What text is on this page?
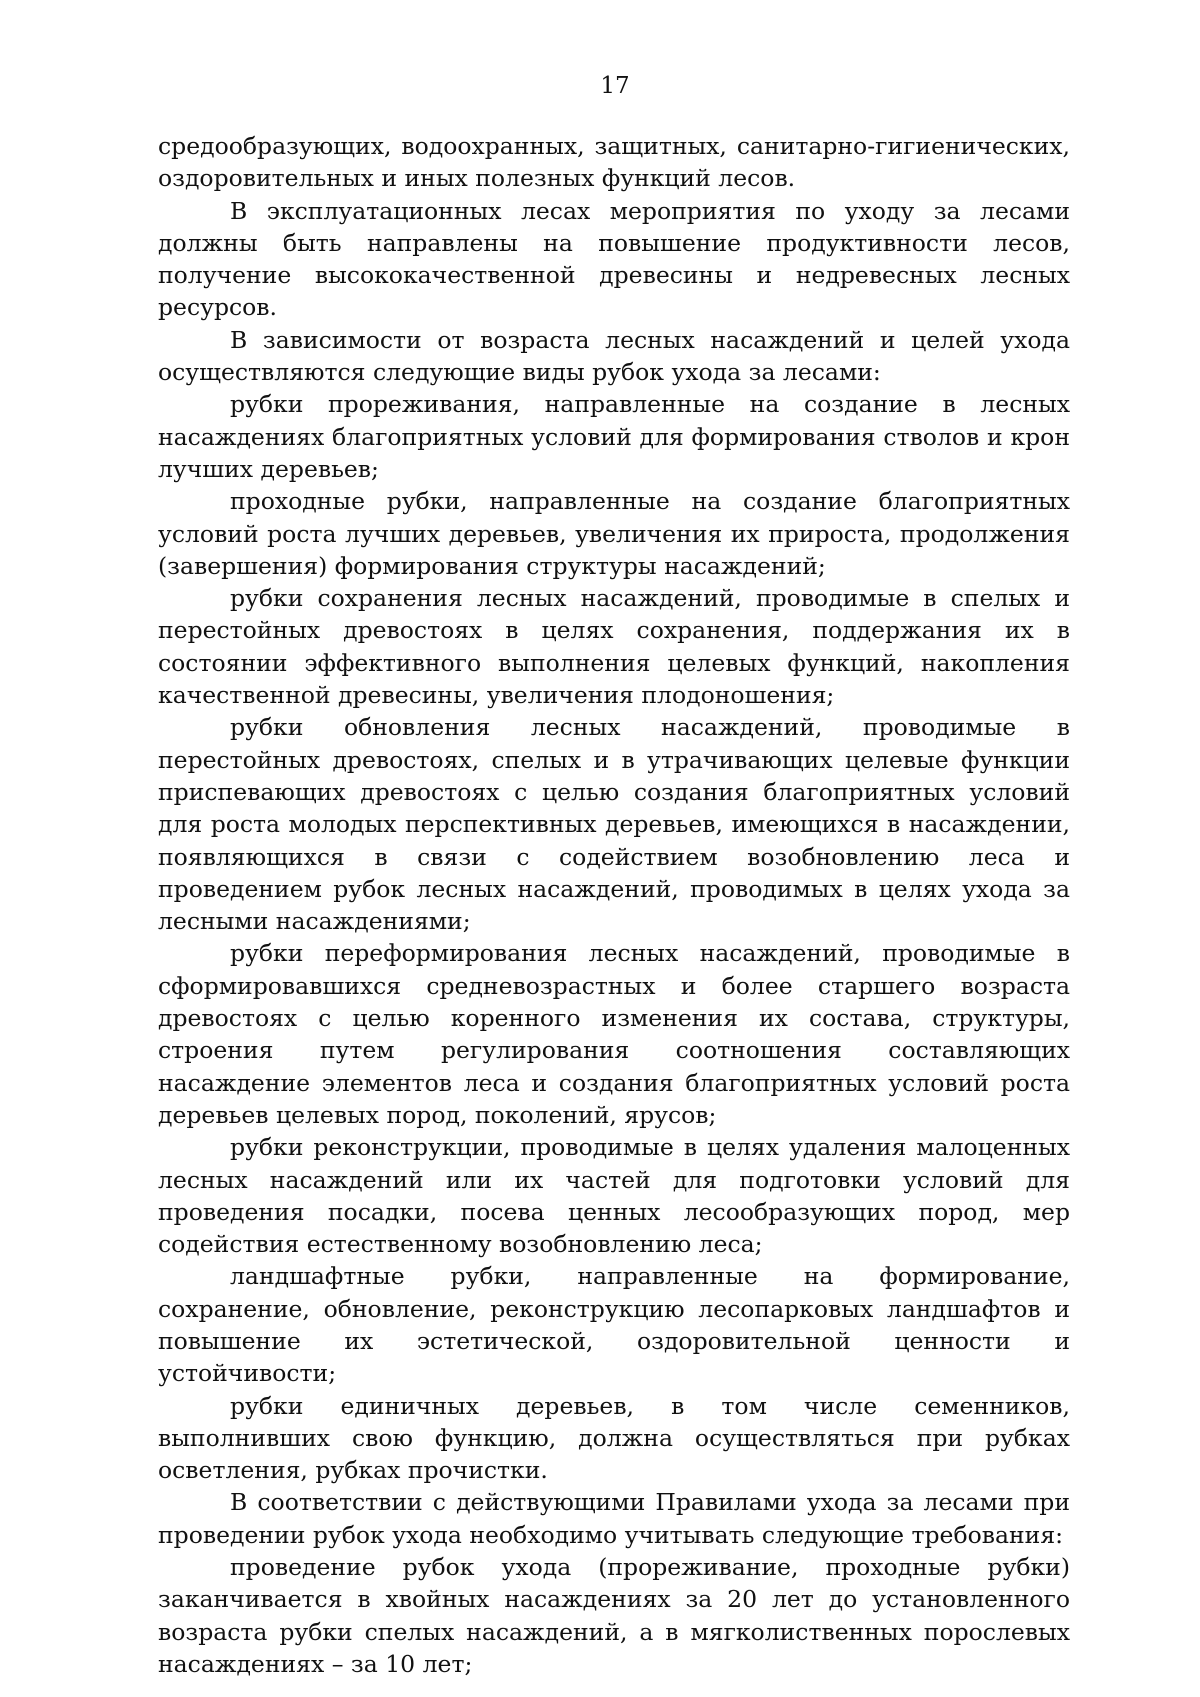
17

средообразующих, водоохранных, защитных, санитарно-гигиенических, оздоровительных и иных полезных функций лесов.

В эксплуатационных лесах мероприятия по уходу за лесами должны быть направлены на повышение продуктивности лесов, получение высококачественной древесины и недревесных лесных ресурсов.

В зависимости от возраста лесных насаждений и целей ухода осуществляются следующие виды рубок ухода за лесами:

рубки прореживания, направленные на создание в лесных насаждениях благоприятных условий для формирования стволов и крон лучших деревьев;

проходные рубки, направленные на создание благоприятных условий роста лучших деревьев, увеличения их прироста, продолжения (завершения) формирования структуры насаждений;

рубки сохранения лесных насаждений, проводимые в спелых и перестойных древостоях в целях сохранения, поддержания их в состоянии эффективного выполнения целевых функций, накопления качественной древесины, увеличения плодоношения;

рубки обновления лесных насаждений, проводимые в перестойных древостоях, спелых и в утрачивающих целевые функции приспевающих древостоях с целью создания благоприятных условий для роста молодых перспективных деревьев, имеющихся в насаждении, появляющихся в связи с содействием возобновлению леса и проведением рубок лесных насаждений, проводимых в целях ухода за лесными насаждениями;

рубки переформирования лесных насаждений, проводимые в сформировавшихся средневозрастных и более старшего возраста древостоях с целью коренного изменения их состава, структуры, строения путем регулирования соотношения составляющих насаждение элементов леса и создания благоприятных условий роста деревьев целевых пород, поколений, ярусов;

рубки реконструкции, проводимые в целях удаления малоценных лесных насаждений или их частей для подготовки условий для проведения посадки, посева ценных лесообразующих пород, мер содействия естественному возобновлению леса;

ландшафтные рубки, направленные на формирование, сохранение, обновление, реконструкцию лесопарковых ландшафтов и повышение их эстетической, оздоровительной ценности и устойчивости;

рубки единичных деревьев, в том числе семенников, выполнивших свою функцию, должна осуществляться при рубках осветления, рубках прочистки.

В соответствии с действующими Правилами ухода за лесами при проведении рубок ухода необходимо учитывать следующие требования:

проведение рубок ухода (прореживание, проходные рубки) заканчивается в хвойных насаждениях за 20 лет до установленного возраста рубки спелых насаждений, а в мягколиственных порослевых насаждениях – за 10 лет;
